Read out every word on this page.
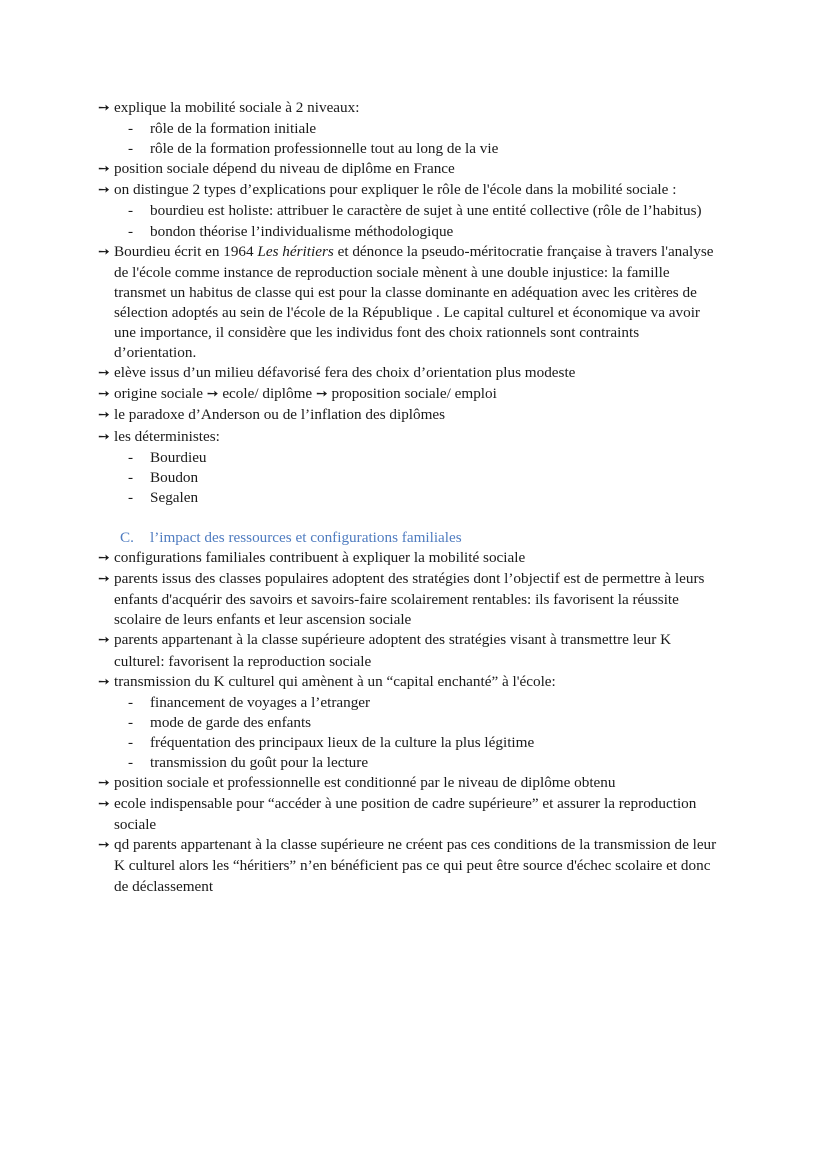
➙ explique la mobilité sociale à 2 niveaux:
- rôle de la formation initiale
- rôle de la formation professionnelle tout au long de la vie
➙ position sociale dépend du niveau de diplôme en France
➙ on distingue 2 types d’explications pour expliquer le rôle de l'école dans la mobilité sociale :
- bourdieu est holiste: attribuer le caractère de sujet à une entité collective (rôle de l’habitus)
- bondon théorise l’individualisme méthodologique
➙ Bourdieu écrit en 1964 Les héritiers et dénonce la pseudo-méritocratie française à travers l'analyse de l'école comme instance de reproduction sociale mènent à une double injustice: la famille transmet un habitus de classe qui est pour la classe dominante en adéquation avec les critères de sélection adoptés au sein de l'école de la République . Le capital culturel et économique va avoir une importance, il considère que les individus font des choix rationnels sont contraints d’orientation.
➙ elève issus d’un milieu défavorisé fera des choix d’orientation plus modeste
➙ origine sociale ➙ ecole/ diplôme ➙ proposition sociale/ emploi
➙ le paradoxe d’Anderson ou de l’inflation des diplômes
➙ les déterministes:
- Bourdieu
- Boudon
- Segalen
C. l’impact des ressources et configurations familiales
➙ configurations familiales contribuent à expliquer la mobilité sociale
➙ parents issus des classes populaires adoptent des stratégies dont l’objectif est de permettre à leurs enfants d'acquérir des savoirs et savoirs-faire scolairement rentables: ils favorisent la réussite scolaire de leurs enfants et leur ascension sociale
➙ parents appartenant à la classe supérieure adoptent des stratégies visant à transmettre leur K culturel: favorisent la reproduction sociale
➙ transmission du K culturel qui amènent à un “capital enchanté” à l'école:
- financement de voyages a l’etranger
- mode de garde des enfants
- fréquentation des principaux lieux de la culture la plus légitime
- transmission du goût pour la lecture
➙ position sociale et professionnelle est conditionné par le niveau de diplôme obtenu
➙ ecole indispensable pour “accéder à une position de cadre supérieure” et assurer la reproduction sociale
➙ qd parents appartenant à la classe supérieure ne créent pas ces conditions de la transmission de leur K culturel alors les “héritiers” n’en bénéficient pas ce qui peut être source d'échec scolaire et donc de déclassement
